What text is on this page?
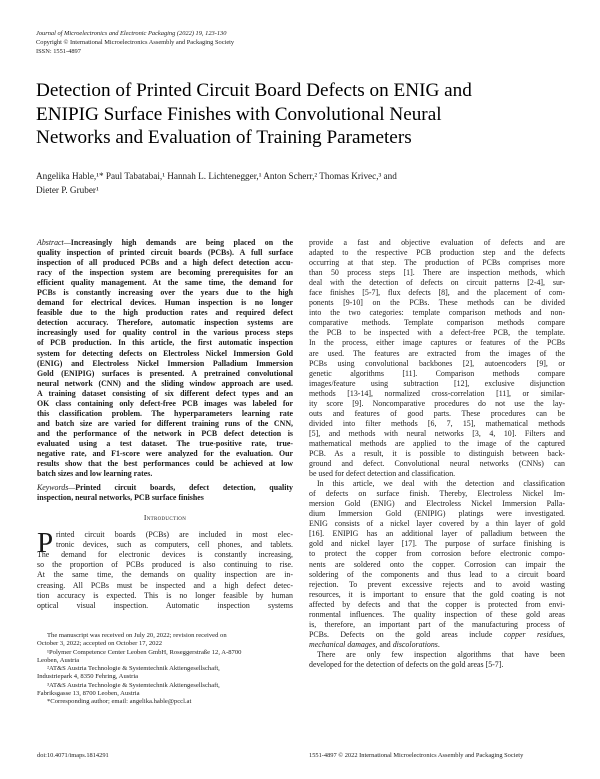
Journal of Microelectronics and Electronic Packaging (2022) 19, 123-130
Copyright © International Microelectronics Assembly and Packaging Society
ISSN: 1551-4897
Detection of Printed Circuit Board Defects on ENIG and
ENIPIG Surface Finishes with Convolutional Neural
Networks and Evaluation of Training Parameters
Angelika Hable,¹* Paul Tabatabai,¹ Hannah L. Lichtenegger,¹ Anton Scherr,² Thomas Krivec,³ and
Dieter P. Gruber¹
Abstract—Increasingly high demands are being placed on the
quality inspection of printed circuit boards (PCBs). A full surface
inspection of all produced PCBs and a high defect detection accu-
racy of the inspection system are becoming prerequisites for an
efficient quality management. At the same time, the demand for
PCBs is constantly increasing over the years due to the high
demand for electrical devices. Human inspection is no longer
feasible due to the high production rates and required defect
detection accuracy. Therefore, automatic inspection systems are
increasingly used for quality control in the various process steps
of PCB production. In this article, the first automatic inspection
system for detecting defects on Electroless Nickel Immersion Gold
(ENIG) and Electroless Nickel Immersion Palladium Immersion
Gold (ENIPIG) surfaces is presented. A pretrained convolutional
neural network (CNN) and the sliding window approach are used.
A training dataset consisting of six different defect types and an
OK class containing only defect-free PCB images was labeled for
this classification problem. The hyperparameters learning rate
and batch size are varied for different training runs of the CNN,
and the performance of the network in PCB defect detection is
evaluated using a test dataset. The true-positive rate, true-
negative rate, and F1-score were analyzed for the evaluation. Our
results show that the best performances could be achieved at low
batch sizes and low learning rates.
Keywords—Printed circuit boards, defect detection, quality
inspection, neural networks, PCB surface finishes
Introduction
P rinted circuit boards (PCBs) are included in most elec-
tronic devices, such as computers, cell phones, and tablets.
The demand for electronic devices is constantly increasing,
so the proportion of PCBs produced is also continuing to rise.
At the same time, the demands on quality inspection are in-
creasing. All PCBs must be inspected and a high defect detec-
tion accuracy is expected. This is no longer feasible by human
optical visual inspection. Automatic inspection systems
The manuscript was received on July 20, 2022; revision received on
October 3, 2022; accepted on October 17, 2022
¹Polymer Competence Center Leoben GmbH, Roseggerstraße 12, A-8700
Leoben, Austria
²AT&S Austria Technologie & Systemtechnik Aktiengesellschaft,
Industriepark 4, 8350 Fehring, Austria
³AT&S Austria Technologie & Systemtechnik Aktiengesellschaft,
Fabriksgasse 13, 8700 Leoben, Austria
*Corresponding author; email: angelika.hable@pccl.at
provide a fast and objective evaluation of defects and are
adapted to the respective PCB production step and the defects
occurring at that step. The production of PCBs comprises more
than 50 process steps [1]. There are inspection methods, which
deal with the detection of defects on circuit patterns [2-4], sur-
face finishes [5-7], flux defects [8], and the placement of com-
ponents [9-10] on the PCBs. These methods can be divided
into the two categories: template comparison methods and non-
comparative methods. Template comparison methods compare
the PCB to be inspected with a defect-free PCB, the template.
In the process, either image captures or features of the PCBs
are used. The features are extracted from the images of the
PCBs using convolutional backbones [2], autoencoders [9], or
genetic algorithms [11]. Comparison methods compare
images/feature using subtraction [12], exclusive disjunction
methods [13-14], normalized cross-correlation [11], or similar-
ity score [9]. Noncomparative procedures do not use the lay-
outs and features of good parts. These procedures can be
divided into filter methods [6, 7, 15], mathematical methods
[5], and methods with neural networks [3, 4, 10]. Filters and
mathematical methods are applied to the image of the captured
PCB. As a result, it is possible to distinguish between back-
ground and defect. Convolutional neural networks (CNNs) can
be used for defect detection and classification.
In this article, we deal with the detection and classification
of defects on surface finish. Thereby, Electroless Nickel Im-
mersion Gold (ENIG) and Electroless Nickel Immersion Palla-
dium Immersion Gold (ENIPIG) platings were investigated.
ENIG consists of a nickel layer covered by a thin layer of gold
[16]. ENIPIG has an additional layer of palladium between the
gold and nickel layer [17]. The purpose of surface finishing is
to protect the copper from corrosion before electronic compo-
nents are soldered onto the copper. Corrosion can impair the
soldering of the components and thus lead to a circuit board
rejection. To prevent excessive rejects and to avoid wasting
resources, it is important to ensure that the gold coating is not
affected by defects and that the copper is protected from envi-
ronmental influences. The quality inspection of these gold areas
is, therefore, an important part of the manufacturing process of
PCBs. Defects on the gold areas include copper residues,
mechanical damages, and discolorations.
There are only few inspection algorithms that have been
developed for the detection of defects on the gold areas [5-7].
doi:10.4071/imaps.1814291	1551-4897 © 2022 International Microelectronics Assembly and Packaging Society
